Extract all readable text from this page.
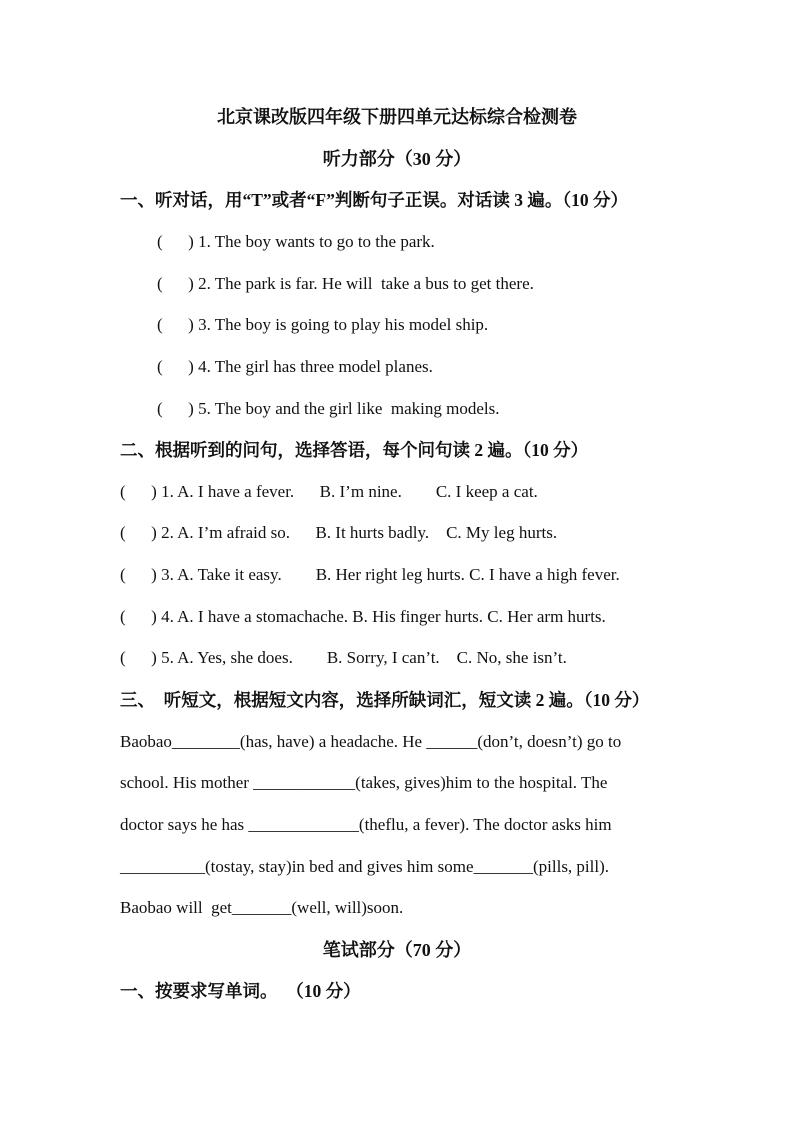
北京课改版四年级下册四单元达标综合检测卷
听力部分（30 分）
一、听对话，用“T”或者“F”判断句子正误。对话读 3 遍。（10 分）
(      ) 1. The boy wants to go to the park.
(      ) 2. The park is far. He will  take a bus to get there.
(      ) 3. The boy is going to play his model ship.
(      ) 4. The girl has three model planes.
(      ) 5. The boy and the girl like  making models.
二、根据听到的问句，选择答语，每个问句读 2 遍。（10 分）
(      ) 1. A. I have a fever.      B. I’m nine.        C. I keep a cat.
(      ) 2. A. I’m afraid so.      B. It hurts badly.    C. My leg hurts.
(      ) 3. A. Take it easy.        B. Her right leg hurts. C. I have a high fever.
(      ) 4. A. I have a stomachache. B. His finger hurts. C. Her arm hurts.
(      ) 5. A. Yes, she does.        B. Sorry, I can’t.    C. No, she isn’t.
三、  听短文，根据短文内容，选择所缺词汇，短文读 2 遍。（10 分）
Baobao________(has, have) a headache. He ______(don’t, doesn’t) go to
school. His mother ____________(takes, gives)him to the hospital. The
doctor says he has _____________(theflu, a fever). The doctor asks him
__________(tostay, stay)in bed and gives him some_______(pills, pill).
Baobao will  get_______(well, will)soon.
笔试部分（70 分）
一、按要求写单词。  （10 分）
